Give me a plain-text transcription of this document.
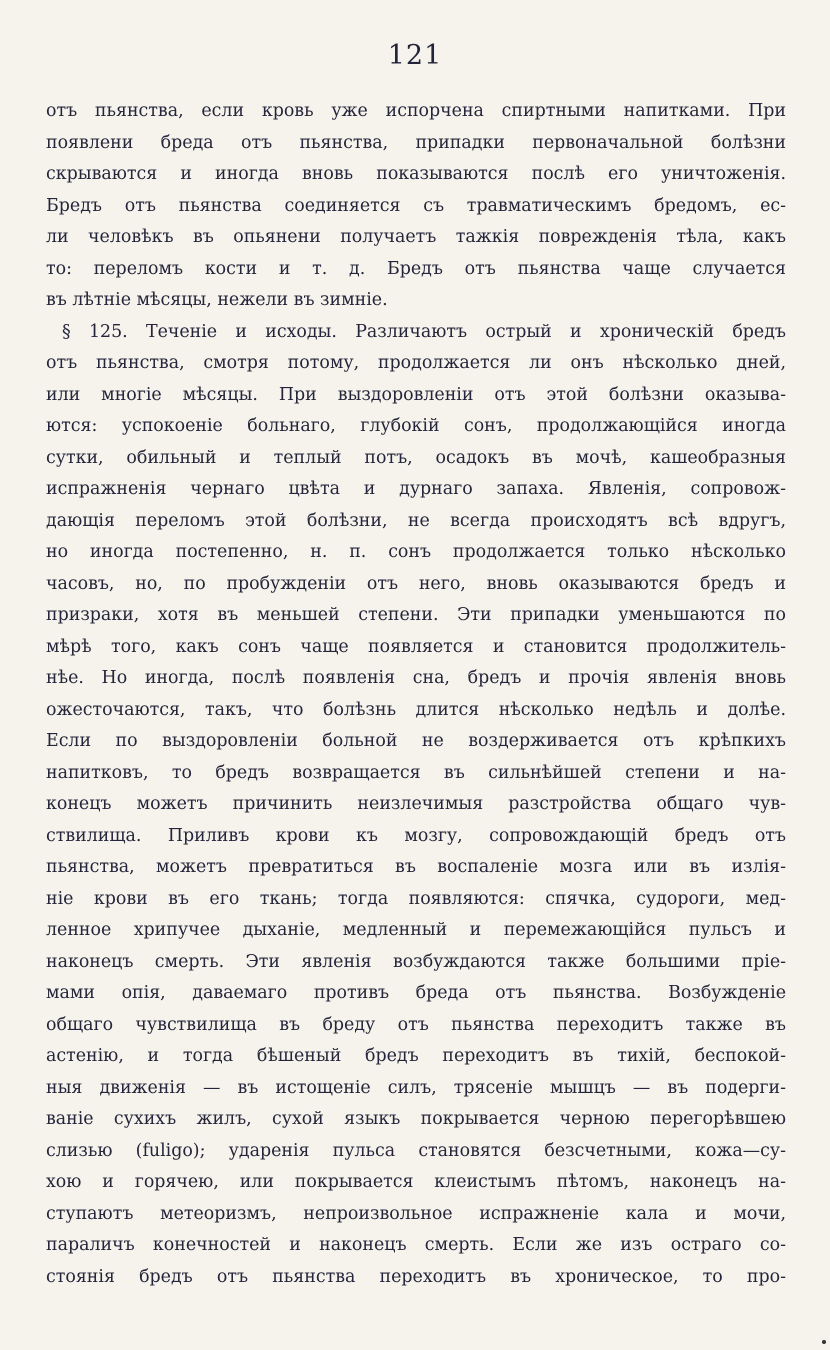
121
отъ пьянства, если кровь уже испорчена спиртными напитками. При
появлени бреда отъ пьянства, припадки первоначальной болѣзни
скрываются и иногда вновь показываются послѣ его уничтоженія.
Бредъ отъ пьянства соединяется съ травматическимъ бредомъ, ес-
ли человѣкъ въ опьянени получаетъ тажкія поврежденія тѣла, какъ
то: переломъ кости и т. д. Бредъ отъ пьянства чаще случается
въ лѣтніе мѣсяцы, нежели въ зимніе.
§ 125. Теченіе и исходы. Различаютъ острый и хроническій бредъ
отъ пьянства, смотря потому, продолжается ли онъ нѣсколько дней,
или многіе мѣсяцы. При выздоровленіи отъ этой болѣзни оказыва-
ются: успокоеніе больнаго, глубокій сонъ, продолжающійся иногда
сутки, обильный и теплый потъ, осадокъ въ мочѣ, кашеобразныя
испражненія чернаго цвѣта и дурнаго запаха. Явленія, сопровож-
дающія переломъ этой болѣзни, не всегда происходятъ всѣ вдругъ,
но иногда постепенно, н. п. сонъ продолжается только нѣсколько
часовъ, но, по пробужденіи отъ него, вновь оказываются бредъ и
призраки, хотя въ меньшей степени. Эти припадки уменьшаются по
мѣрѣ того, какъ сонъ чаще появляется и становится продолжитель-
нѣе. Но иногда, послѣ появленія сна, бредъ и прочія явленія вновь
ожесточаются, такъ, что болѣзнь длится нѣсколько недѣль и долѣе.
Если по выздоровленіи больной не воздерживается отъ крѣпкихъ
напитковъ, то бредъ возвращается въ сильнѣйшей степени и на-
конецъ можетъ причинить неизлечимыя разстройства общаго чув-
ствилища. Приливъ крови къ мозгу, сопровождающій бредъ отъ
пьянства, можетъ превратиться въ воспаленіе мозга или въ излія-
ніе крови въ его ткань; тогда появляются: спячка, судороги, мед-
ленное хрипучее дыханіе, медленный и перемежающійся пульсъ и
наконецъ смерть. Эти явленія возбуждаются также большими пріе-
мами опія, даваемаго противъ бреда отъ пьянства. Возбужденіе
общаго чувствилища въ бреду отъ пьянства переходитъ также въ
астенію, и тогда бѣшеный бредъ переходитъ въ тихій, беспокой-
ныя движенія — въ истощеніе силъ, трясеніе мышцъ — въ подерги-
ваніе сухихъ жилъ, сухой языкъ покрывается черною перегорѣвшею
слизью (fuligo); ударенія пульса становятся безсчетными, кожа—су-
хою и горячею, или покрывается клеистымъ пѣтомъ, наконецъ на-
ступаютъ метеоризмъ, непроизвольное испражненіе кала и мочи,
параличъ конечностей и наконецъ смерть. Если же изъ остраго со-
стоянія бредъ отъ пьянства переходитъ въ хроническое, то про-
